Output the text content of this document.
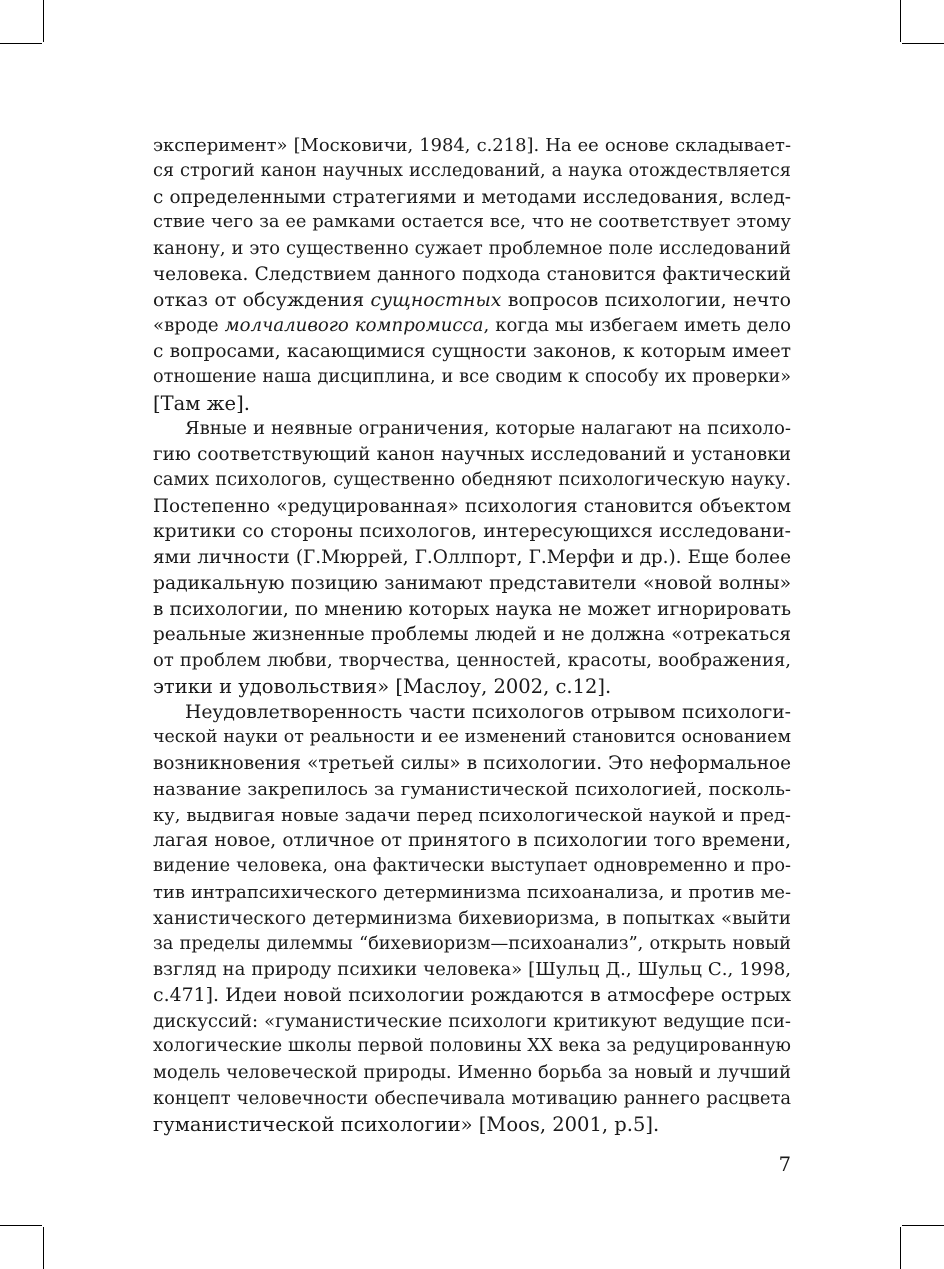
эксперимент» [Московичи, 1984, с.218]. На ее основе складывает-
ся строгий канон научных исследований, а наука отождествляется
с определенными стратегиями и методами исследования, вслед-
ствие чего за ее рамками остается все, что не соответствует этому
канону, и это существенно сужает проблемное поле исследований
человека. Следствием данного подхода становится фактический
отказ от обсуждения сущностных вопросов психологии, нечто
«вроде молчаливого компромисса, когда мы избегаем иметь дело
с вопросами, касающимися сущности законов, к которым имеет
отношение наша дисциплина, и все сводим к способу их проверки»
[Там же].
Явные и неявные ограничения, которые налагают на психоло-
гию соответствующий канон научных исследований и установки
самих психологов, существенно обедняют психологическую науку.
Постепенно «редуцированная» психология становится объектом
критики со стороны психологов, интересующихся исследовани-
ями личности (Г.Мюррей, Г.Оллпорт, Г.Мерфи и др.). Еще более
радикальную позицию занимают представители «новой волны»
в психологии, по мнению которых наука не может игнорировать
реальные жизненные проблемы людей и не должна «отрекаться
от проблем любви, творчества, ценностей, красоты, воображения,
этики и удовольствия» [Маслоу, 2002, с.12].
Неудовлетворенность части психологов отрывом психологи-
ческой науки от реальности и ее изменений становится основанием
возникновения «третьей силы» в психологии. Это неформальное
название закрепилось за гуманистической психологией, посколь-
ку, выдвигая новые задачи перед психологической наукой и пред-
лагая новое, отличное от принятого в психологии того времени,
видение человека, она фактически выступает одновременно и про-
тив интрапсихического детерминизма психоанализа, и против ме-
ханистического детерминизма бихевиоризма, в попытках «выйти
за пределы дилеммы “бихевиоризм—психоанализ”, открыть новый
взгляд на природу психики человека» [Шульц Д., Шульц С., 1998,
с.471]. Идеи новой психологии рождаются в атмосфере острых
дискуссий: «гуманистические психологи критикуют ведущие пси-
хологические школы первой половины XX века за редуцированную
модель человеческой природы. Именно борьба за новый и лучший
концепт человечности обеспечивала мотивацию раннего расцвета
гуманистической психологии» [Moos, 2001, p.5].
7
